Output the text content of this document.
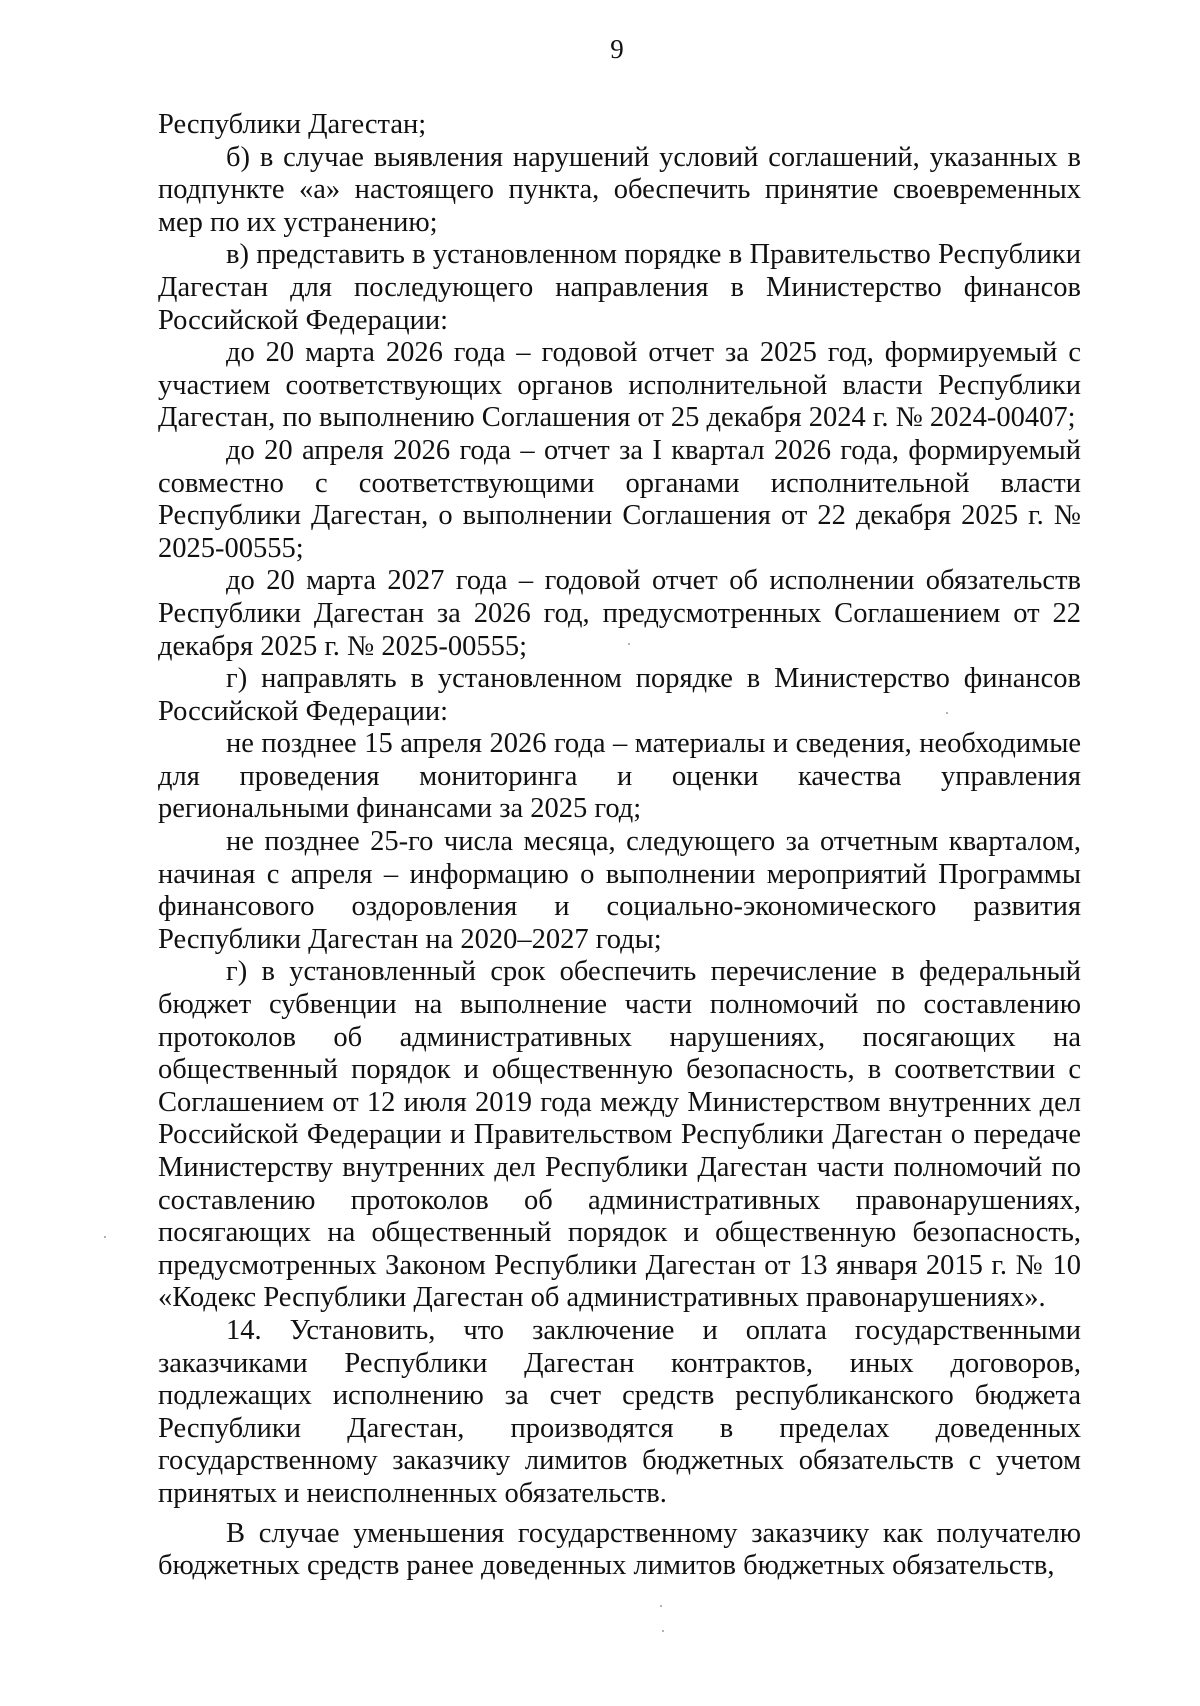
9

Республики Дагестан;

б) в случае выявления нарушений условий соглашений, указанных в подпункте «а» настоящего пункта, обеспечить принятие своевременных мер по их устранению;

в) представить в установленном порядке в Правительство Республики Дагестан для последующего направления в Министерство финансов Российской Федерации:

до 20 марта 2026 года – годовой отчет за 2025 год, формируемый с участием соответствующих органов исполнительной власти Республики Дагестан, по выполнению Соглашения от 25 декабря 2024 г. № 2024-00407;

до 20 апреля 2026 года – отчет за I квартал 2026 года, формируемый совместно с соответствующими органами исполнительной власти Республики Дагестан, о выполнении Соглашения от 22 декабря 2025 г. № 2025-00555;

до 20 марта 2027 года – годовой отчет об исполнении обязательств Республики Дагестан за 2026 год, предусмотренных Соглашением от 22 декабря 2025 г. № 2025-00555;

г) направлять в установленном порядке в Министерство финансов Российской Федерации:

не позднее 15 апреля 2026 года – материалы и сведения, необходимые для проведения мониторинга и оценки качества управления региональными финансами за 2025 год;

не позднее 25-го числа месяца, следующего за отчетным кварталом, начиная с апреля – информацию о выполнении мероприятий Программы финансового оздоровления и социально-экономического развития Республики Дагестан на 2020–2027 годы;

г) в установленный срок обеспечить перечисление в федеральный бюджет субвенции на выполнение части полномочий по составлению протоколов об административных нарушениях, посягающих на общественный порядок и общественную безопасность, в соответствии с Соглашением от 12 июля 2019 года между Министерством внутренних дел Российской Федерации и Правительством Республики Дагестан о передаче Министерству внутренних дел Республики Дагестан части полномочий по составлению протоколов об административных правонарушениях, посягающих на общественный порядок и общественную безопасность, предусмотренных Законом Республики Дагестан от 13 января 2015 г. № 10 «Кодекс Республики Дагестан об административных правонарушениях».

14. Установить, что заключение и оплата государственными заказчиками Республики Дагестан контрактов, иных договоров, подлежащих исполнению за счет средств республиканского бюджета Республики Дагестан, производятся в пределах доведенных государственному заказчику лимитов бюджетных обязательств с учетом принятых и неисполненных обязательств.

В случае уменьшения государственному заказчику как получателю бюджетных средств ранее доведенных лимитов бюджетных обязательств,
